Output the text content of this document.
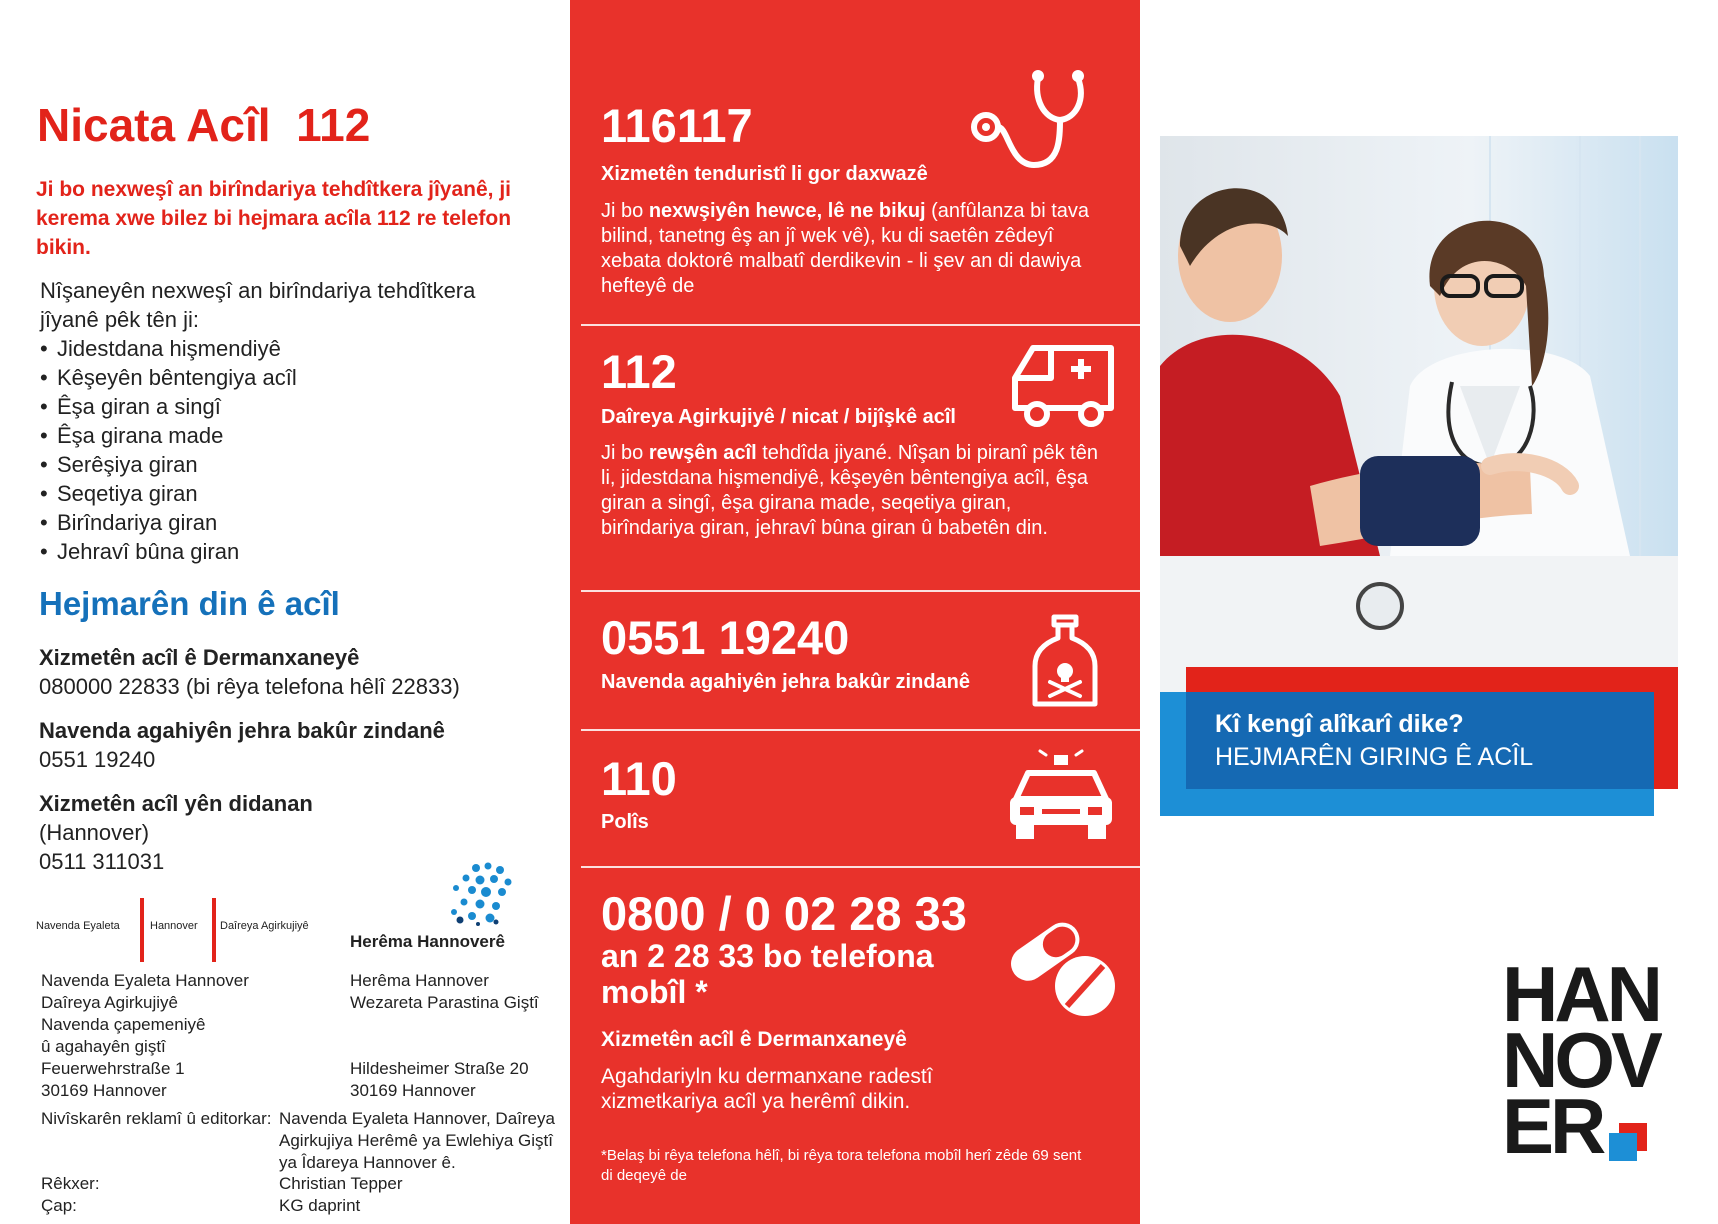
Nicata Acîl  112
Ji bo nexweşî an birîndariya tehdîtkera jîyanê, ji kerema xwe bilez bi hejmara acîla 112 re telefon bikin.
Nîşaneyên nexweşî an birîndariya tehdîtkera jîyanê pêk tên ji:
• Jidestdana hişmendiyê
• Kêşeyên bêntengiya acîl
• Êşa giran a singî
• Êşa girana made
• Serêşiya giran
• Seqetiya giran
• Birîndariya giran
• Jehravî bûna giran
Hejmarên din ê acîl
Xizmetên acîl ê Dermanxaneyê
080000 22833 (bi rêya telefona hêlî 22833)
Navenda agahiyên jehra bakûr zindanê
0551 19240
Xizmetên acîl yên didanan
(Hannover)
0511 311031
Navenda Eyaleta	Hannover Daîreya Agirkujiyê
Herêma Hannoverê
Navenda Eyaleta Hannover
Daîreya Agirkujiyê
Navenda çapemeniyê
û agahayên giştî
Feuerwehrstraße 1
30169 Hannover
Herêma Hannover
Wezareta Parastina Giştî

Hildesheimer Straße 20
30169 Hannover
Nivîskarên reklamî û editorkar: Navenda Eyaleta Hannover, Daîreya Agirkujiya Herêmê ya Ewlehiya Giştî ya Îdareya Hannover ê.
Rêkxer:	Christian Tepper
Çap:	KG daprint
116117
Xizmetên tenduristî li gor daxwazê
Ji bo nexwşiyên hewce, lê ne bikuj (anfûlanza bi tava bilind, tanetng êş an jî wek vê), ku di saetên zêdeyî xebata doktorê malbatî derdikevin - li şev an di dawiya hefteyê de
112
Daîreya Agirkujiyê / nicat / bijîşkê acîl
Ji bo rewşên acîl tehdîda jiyané. Nîşan bi piranî pêk tên li, jidestdana hişmendiyê, kêşeyên bêntengiya acîl, êşa giran a singî, êşa girana made, seqetiya giran, birîndariya giran, jehravî bûna giran û babetên din.
0551 19240
Navenda agahiyên jehra bakûr zindanê
110
Polîs
0800 / 0 02 28 33
an 2 28 33 bo telefona mobîl *
Xizmetên acîl ê Dermanxaneyê
Agahdariyln ku dermanxane radestî xizmetkariya acîl ya herêmî dikin.
*Belaş bi rêya telefona hêlî, bi rêya tora telefona mobîl herî zêde 69 sent di deqeyê de
Kî kengî alîkarî dike?
HEJMARÊN GIRING Ê ACÎL
HAN
NOV
ER
